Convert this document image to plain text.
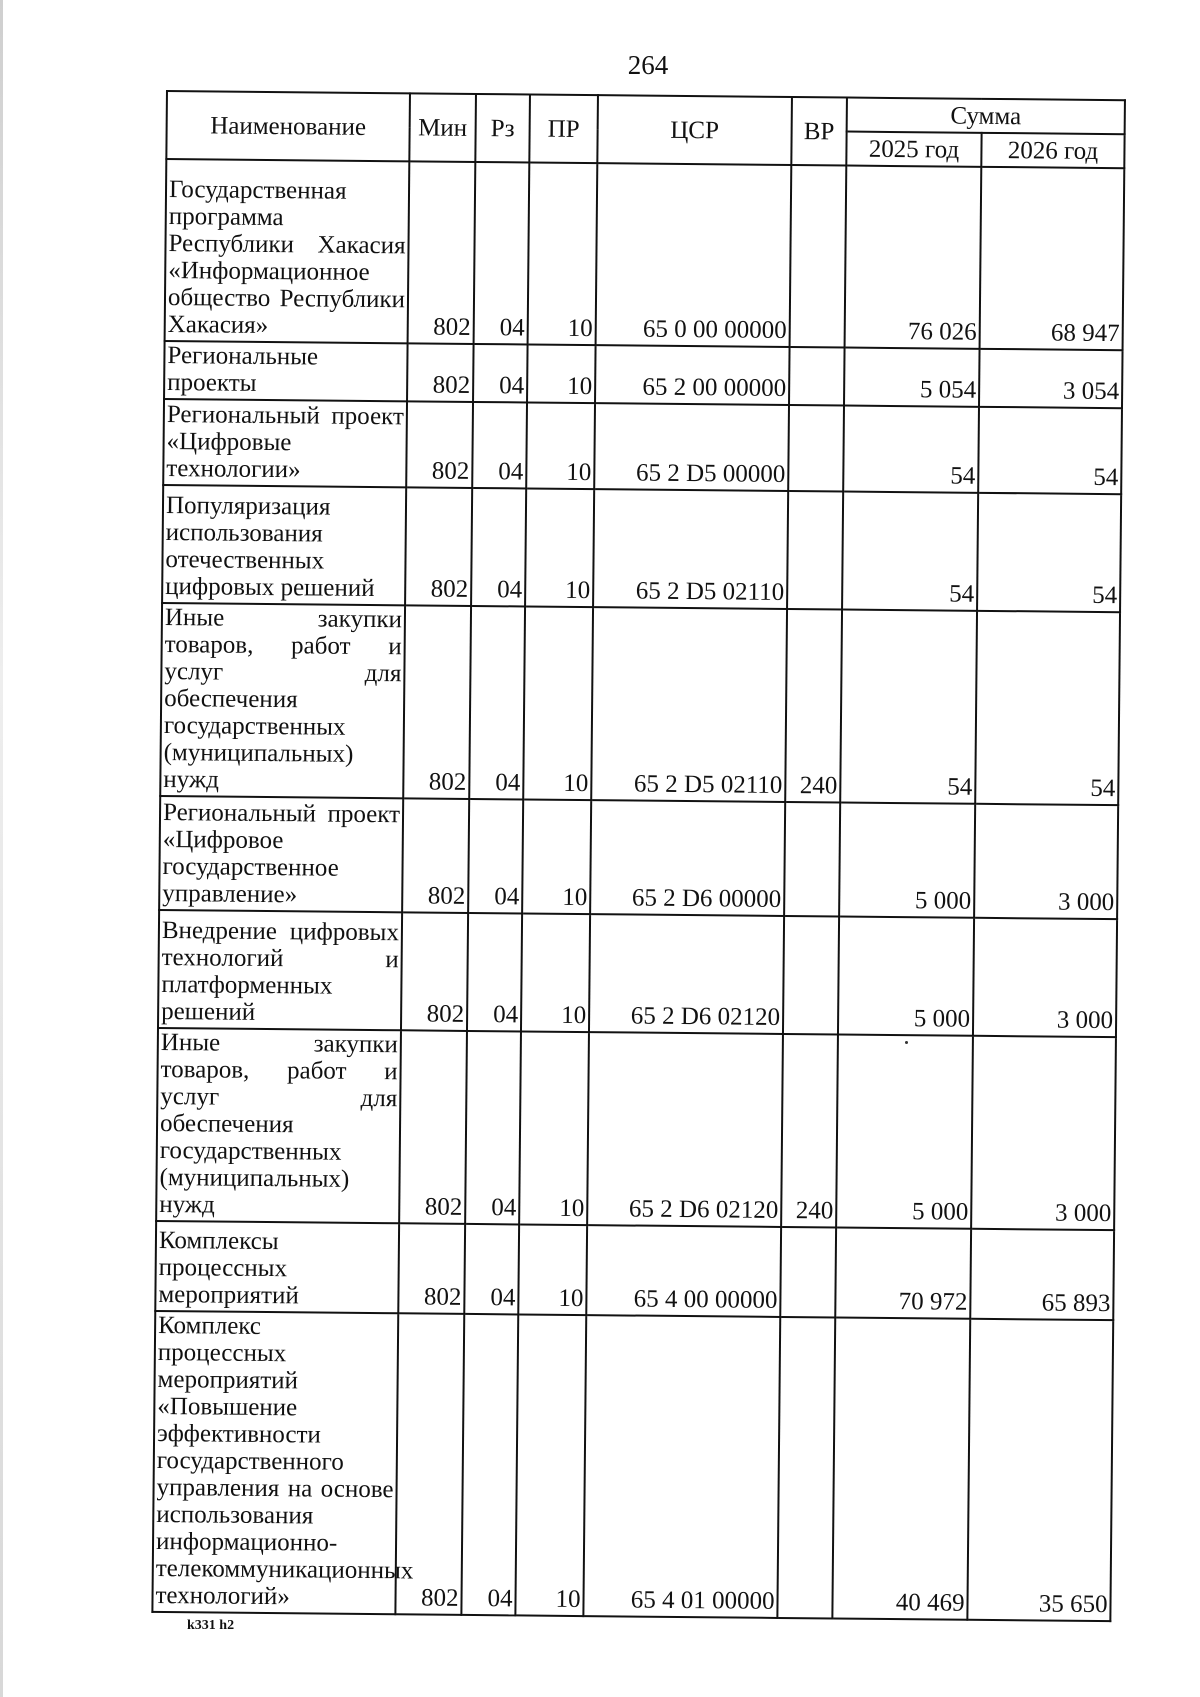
264
Наименование	Мин	Рз	ПР	ЦСР	ВР	Сумма	
						2025 год	2026 год
Государственная программа Республики Хакасия «Информационное общество Республики Хакасия»	802	04	10	65 0 00 00000		76 026	68 947
Региональные проекты	802	04	10	65 2 00 00000		5 054	3 054
Региональный проект «Цифровые технологии»	802	04	10	65 2 D5 00000		54	54
Популяризация использования отечественных цифровых решений	802	04	10	65 2 D5 02110		54	54
Иные закупки товаров, работ и услуг для обеспечения государственных (муниципальных) нужд	802	04	10	65 2 D5 02110	240	54	54
Региональный проект «Цифровое государственное управление»	802	04	10	65 2 D6 00000		5 000	3 000
Внедрение цифровых технологий и платформенных решений	802	04	10	65 2 D6 02120		5 000	3 000
Иные закупки товаров, работ и услуг для обеспечения государственных (муниципальных) нужд	802	04	10	65 2 D6 02120	240	5 000	3 000
Комплексы процессных мероприятий	802	04	10	65 4 00 00000		70 972	65 893
Комплекс процессных мероприятий «Повышение эффективности государственного управления на основе использования информационно-телекоммуникационных технологий»	802	04	10	65 4 01 00000		40 469	35 650
k331 h2
